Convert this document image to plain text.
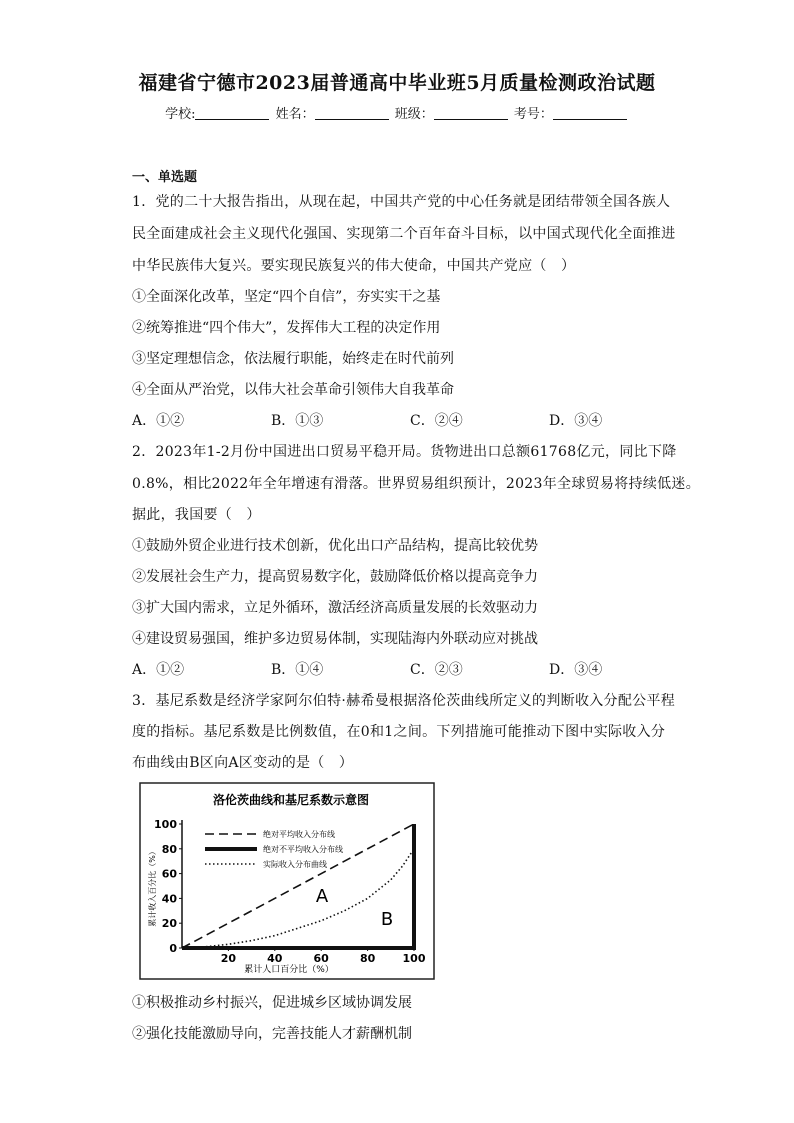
福建省宁德市2023届普通高中毕业班5月质量检测政治试题
学校:	姓名：	班级：	考号：
一、单选题
1．党的二十大报告指出，从现在起，中国共产党的中心任务就是团结带领全国各族人
民全面建成社会主义现代化强国、实现第二个百年奋斗目标，以中国式现代化全面推进
中华民族伟大复兴。要实现民族复兴的伟大使命，中国共产党应（　）
①全面深化改革，坚定“四个自信”，夯实实干之基
②统筹推进“四个伟大”，发挥伟大工程的决定作用
③坚定理想信念，依法履行职能，始终走在时代前列
④全面从严治党，以伟大社会革命引领伟大自我革命
A．①②	B．①③	C．②④	D．③④
2．2023年1-2月份中国进出口贸易平稳开局。货物进出口总额61768亿元，同比下降
0.8%，相比2022年全年增速有滑落。世界贸易组织预计，2023年全球贸易将持续低迷。
据此，我国要（　）
①鼓励外贸企业进行技术创新，优化出口产品结构，提高比较优势
②发展社会生产力，提高贸易数字化，鼓励降低价格以提高竞争力
③扩大国内需求，立足外循环，激活经济高质量发展的长效驱动力
④建设贸易强国，维护多边贸易体制，实现陆海内外联动应对挑战
A．①②	B．①④	C．②③	D．③④
3．基尼系数是经济学家阿尔伯特·赫希曼根据洛伦茨曲线所定义的判断收入分配公平程
度的指标。基尼系数是比例数值，在0和1之间。下列措施可能推动下图中实际收入分
布曲线由B区向A区变动的是（　）
洛伦茨曲线和基尼系数示意图
累计收入百分比（%）
累计人口百分比（%）
0
20
40
60
80
100
20	40	60	80 100
绝对平均收入分布线
绝对不平均收入分布线
实际收入分布曲线
A
B
①积极推动乡村振兴，促进城乡区域协调发展
②强化技能激励导向，完善技能人才薪酬机制
